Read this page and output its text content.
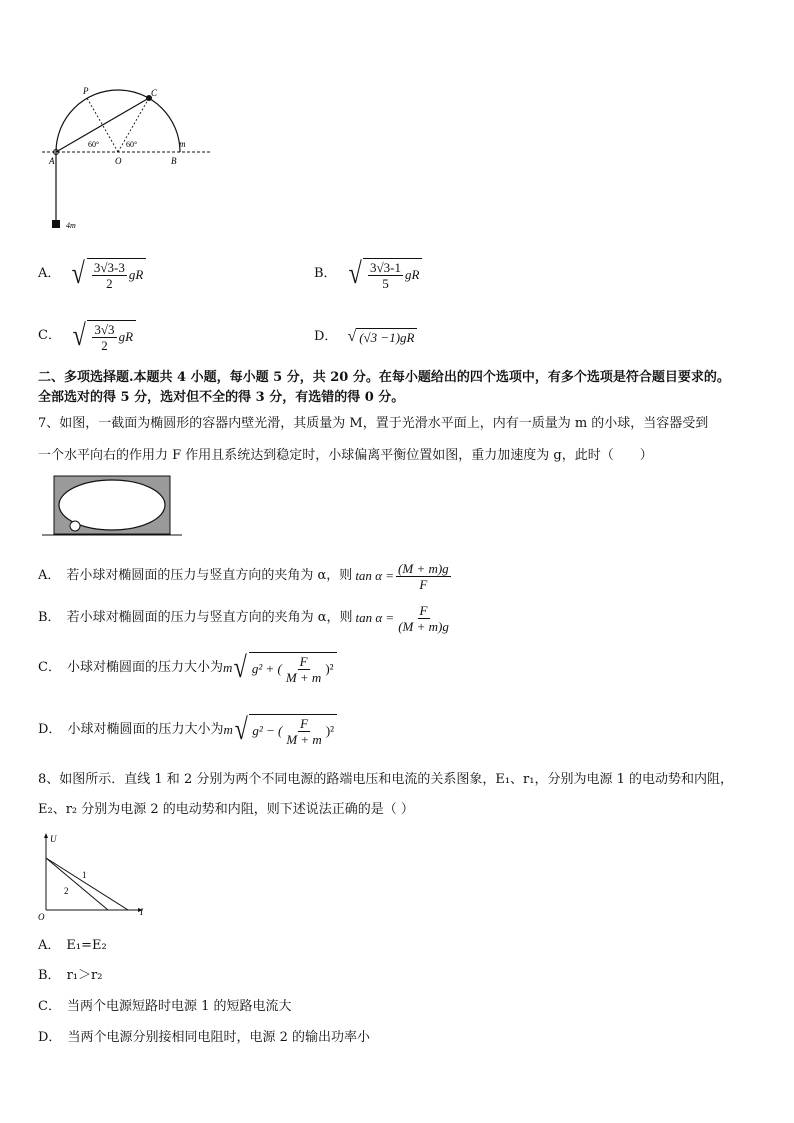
P	C
A	O	B
m
60°	60°
4m
A． √ $\frac{3√3-3}{2}$ gR	B． √ $\frac{3√3-1}{5}$ gR
C． √ $\frac{3√3}{2}$ gR	D． √ (√3 −1)gR
二、多项选择题.本题共 4 小题，每小题 5 分，共 20 分。在每小题给出的四个选项中，有多个选项是符合题目要求的。
全部选对的得 5 分，选对但不全的得 3 分，有选错的得 0 分。
7、如图，一截面为椭圆形的容器内壁光滑，其质量为 M，置于光滑水平面上，内有一质量为 m 的小球，当容器受到
一个水平向右的作用力 F 作用且系统达到稳定时，小球偏离平衡位置如图，重力加速度为 g，此时（　　）
A． 若小球对椭圆面的压力与竖直方向的夹角为 α，则 $\tan \alpha = \frac{(M + m)g}{F}$
B． 若小球对椭圆面的压力与竖直方向的夹角为 α，则 $\tan \alpha = \frac{F}{(M + m)g}$
C． 小球对椭圆面的压力大小为 m √ g² + ( $\frac{F}{M + m} )^2$
D． 小球对椭圆面的压力大小为 m √ g² − ( $\frac{F}{M + m} )^2$
8、如图所示．直线 1 和 2 分别为两个不同电源的路端电压和电流的关系图象，E₁、r₁，分别为电源 1 的电动势和内阻，
E₂、r₂ 分别为电源 2 的电动势和内阻，则下述说法正确的是（ ）
U
O	I
1
2
A． E₁=E₂
B． r₁＞r₂
C． 当两个电源短路时电源 1 的短路电流大
D． 当两个电源分别接相同电阻时，电源 2 的输出功率小
